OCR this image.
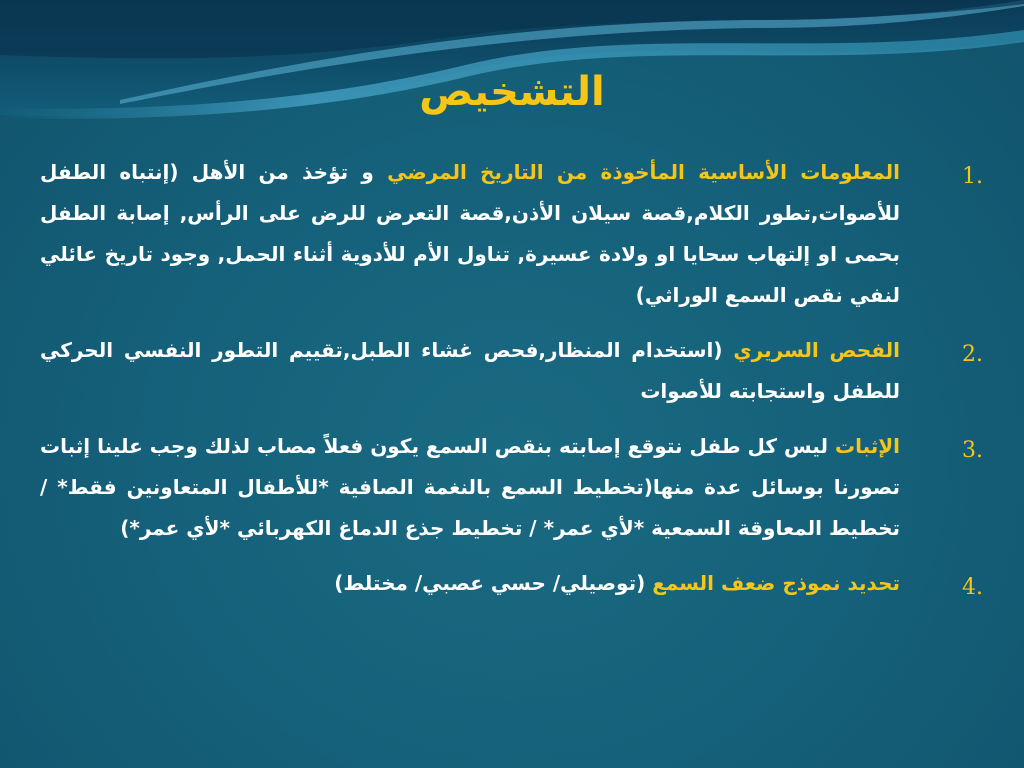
التشخيص
1.
المعلومات الأساسية المأخوذة من التاريخ المرضي و تؤخذ من الأهل (إنتباه الطفل للأصوات,تطور الكلام,قصة سيلان الأذن,قصة التعرض للرض على الرأس, إصابة الطفل بحمى او إلتهاب سحايا او ولادة عسيرة, تناول الأم للأدوية أثناء الحمل, وجود تاريخ عائلي لنفي نقص السمع الوراثي)
2.
الفحص السريري (استخدام المنظار,فحص غشاء الطبل,تقييم التطور النفسي الحركي للطفل واستجابته للأصوات
3.
الإثبات ليس كل طفل نتوقع إصابته بنقص السمع يكون فعلاً مصاب لذلك وجب علينا إثبات تصورنا بوسائل عدة منها(تخطيط السمع بالنغمة الصافية *للأطفال المتعاونين فقط* / تخطيط المعاوقة السمعية *لأي عمر* / تخطيط جذع الدماغ الكهربائي *لأي عمر*)
4.
تحديد نموذج ضعف السمع (توصيلي/ حسي عصبي/ مختلط)
